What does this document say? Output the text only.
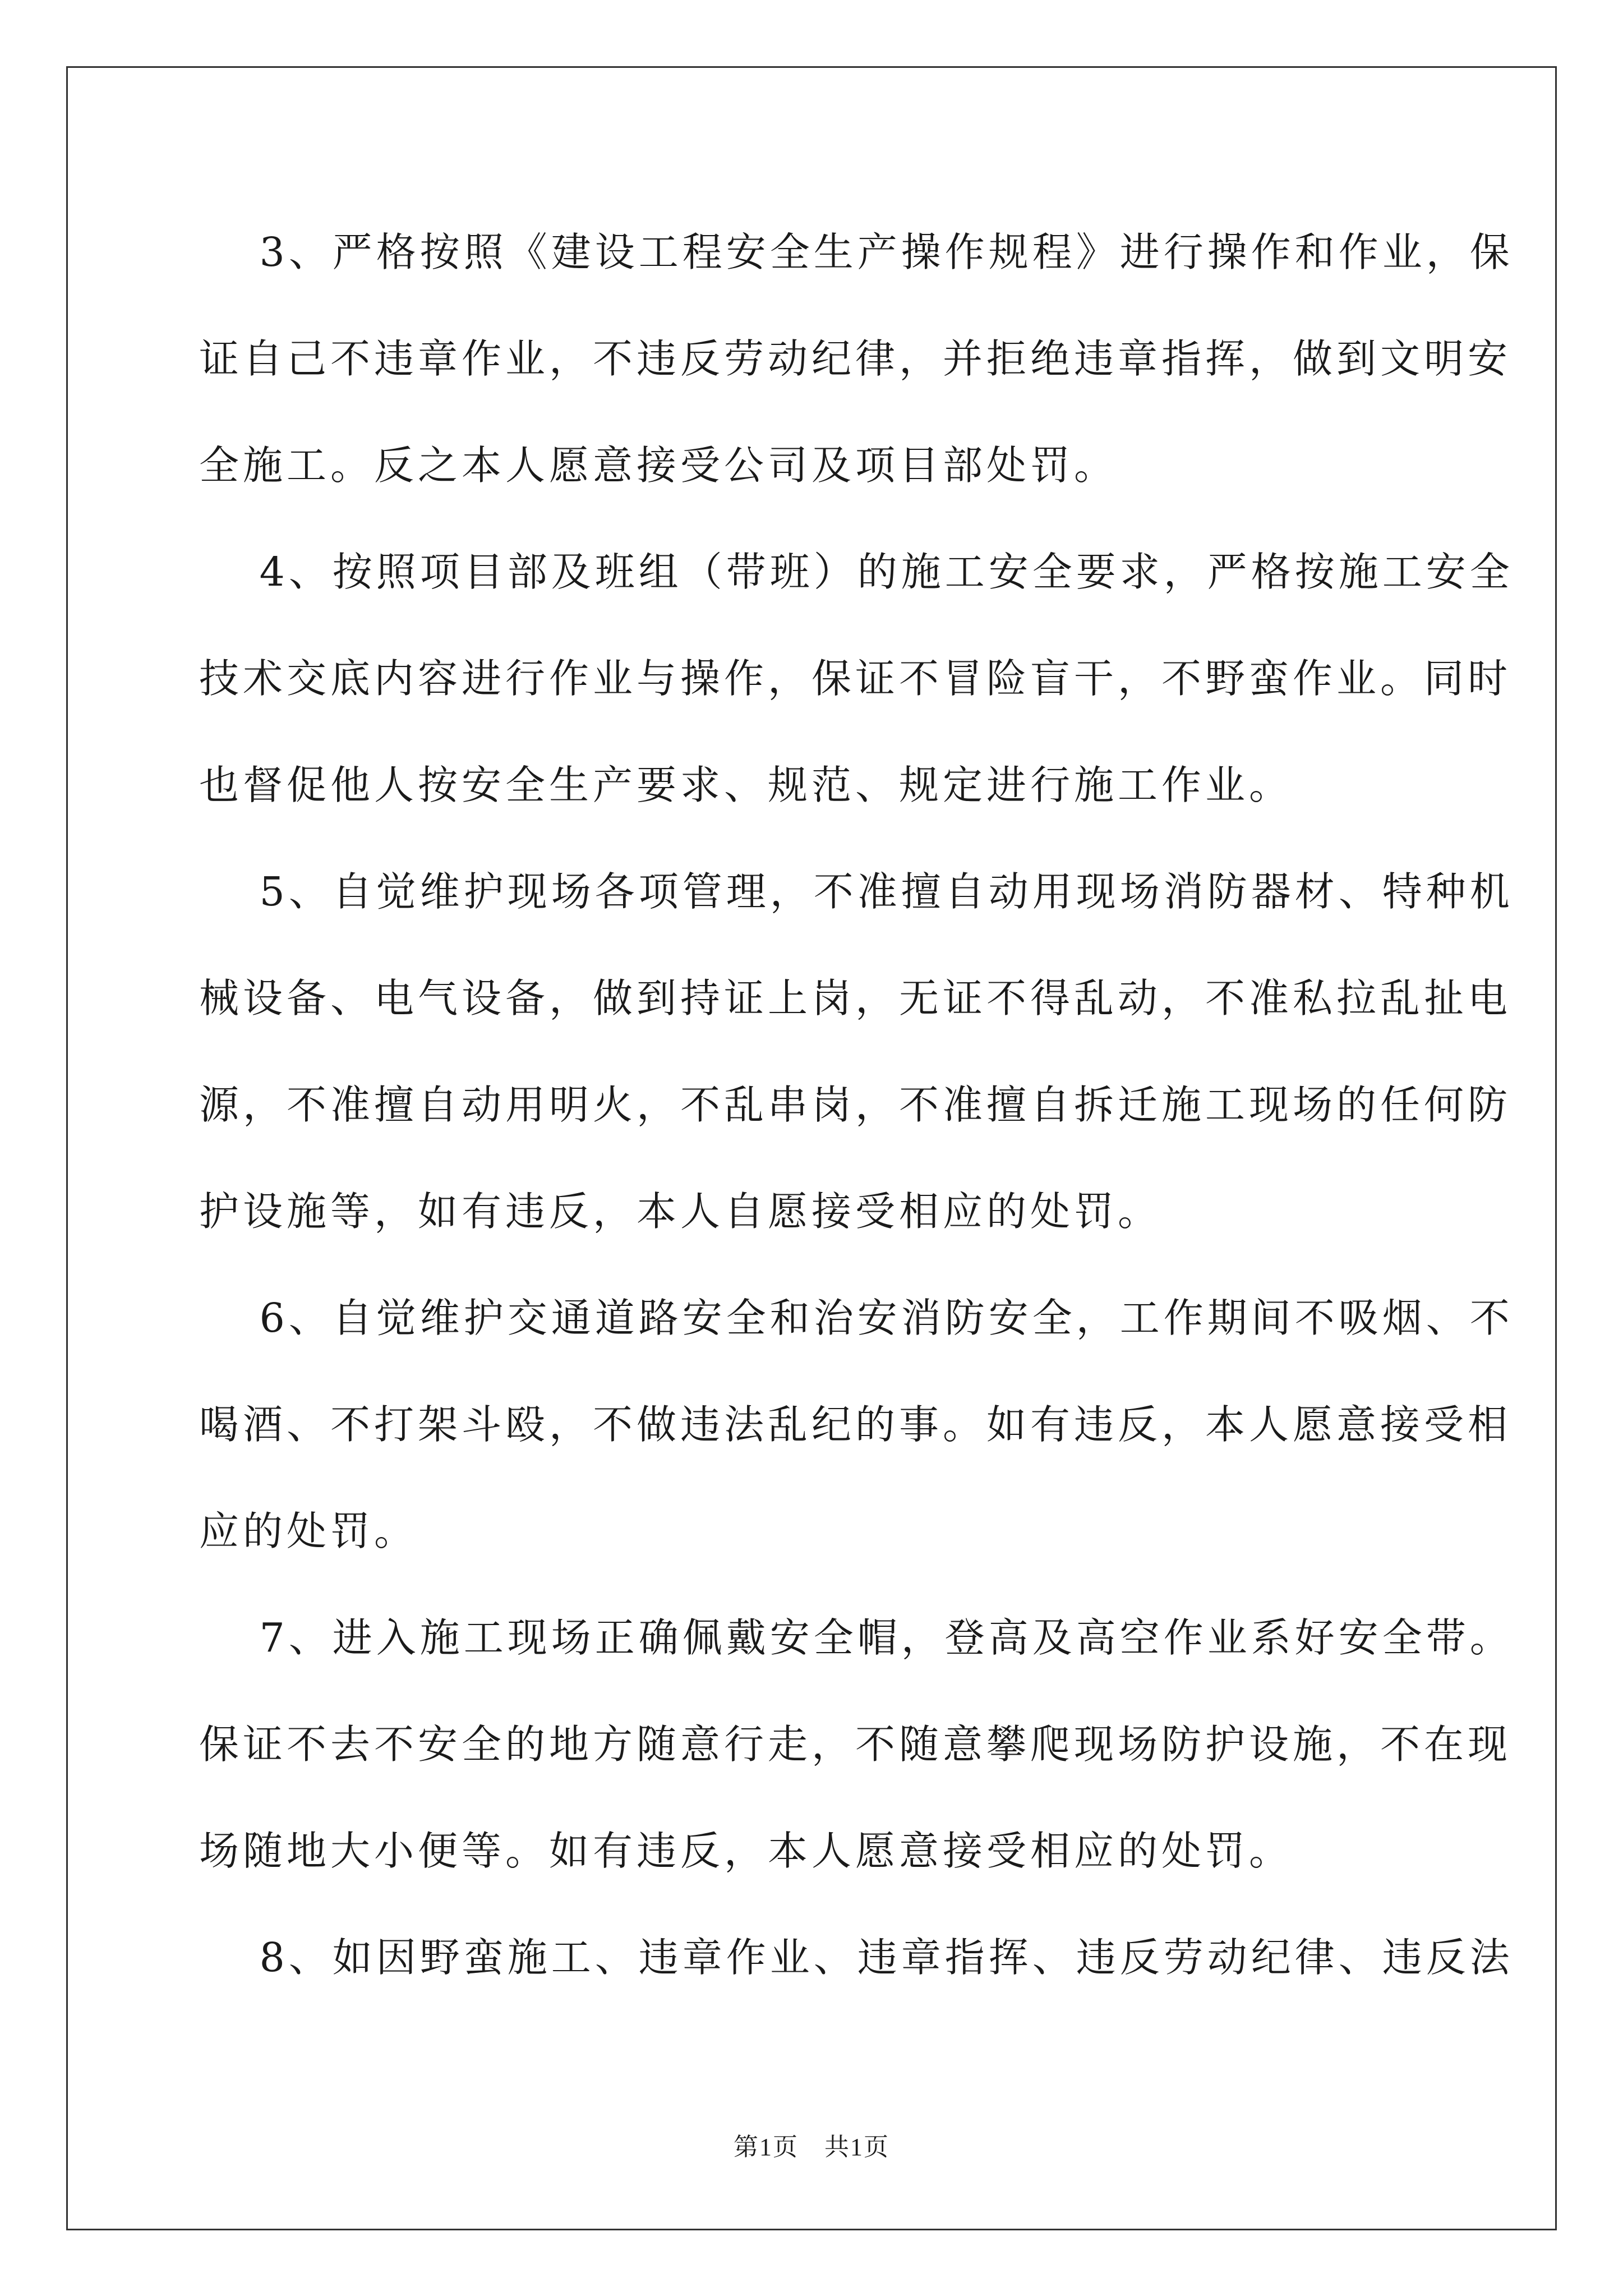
　 3、严格按照《建设工程安全生产操作规程》进行操作和作业，保
证自己不违章作业，不违反劳动纪律，并拒绝违章指挥，做到文明安
全施工。反之本人愿意接受公司及项目部处罚。
　 4、按照项目部及班组（带班）的施工安全要求，严格按施工安全
技术交底内容进行作业与操作，保证不冒险盲干，不野蛮作业。同时
也督促他人按安全生产要求、规范、规定进行施工作业。
　 5、自觉维护现场各项管理，不准擅自动用现场消防器材、特种机
械设备、电气设备，做到持证上岗，无证不得乱动，不准私拉乱扯电
源，不准擅自动用明火，不乱串岗，不准擅自拆迁施工现场的任何防
护设施等，如有违反，本人自愿接受相应的处罚。
　 6、自觉维护交通道路安全和治安消防安全，工作期间不吸烟、不
喝酒、不打架斗殴，不做违法乱纪的事。如有违反，本人愿意接受相
应的处罚。
　 7、进入施工现场正确佩戴安全帽，登高及高空作业系好安全带。
保证不去不安全的地方随意行走，不随意攀爬现场防护设施，不在现
场随地大小便等。如有违反，本人愿意接受相应的处罚。
　 8、如因野蛮施工、违章作业、违章指挥、违反劳动纪律、违反法
第1页　共1页
